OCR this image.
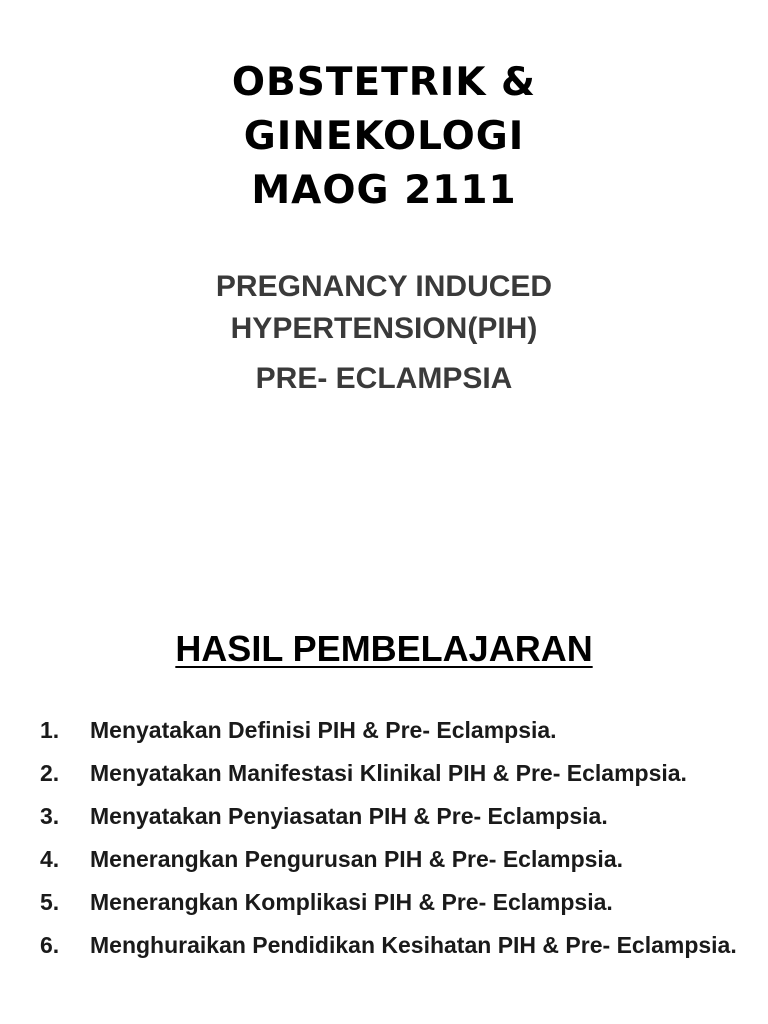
OBSTETRIK &
GINEKOLOGI
MAOG 2111
PREGNANCY INDUCED
HYPERTENSION(PIH)
PRE- ECLAMPSIA
HASIL PEMBELAJARAN
1.	Menyatakan Definisi PIH & Pre- Eclampsia.
2.	Menyatakan Manifestasi Klinikal PIH & Pre- Eclampsia.
3.	Menyatakan Penyiasatan PIH & Pre- Eclampsia.
4.	Menerangkan Pengurusan PIH & Pre- Eclampsia.
5.	Menerangkan Komplikasi PIH & Pre- Eclampsia.
6.	Menghuraikan Pendidikan Kesihatan PIH & Pre- Eclampsia.
